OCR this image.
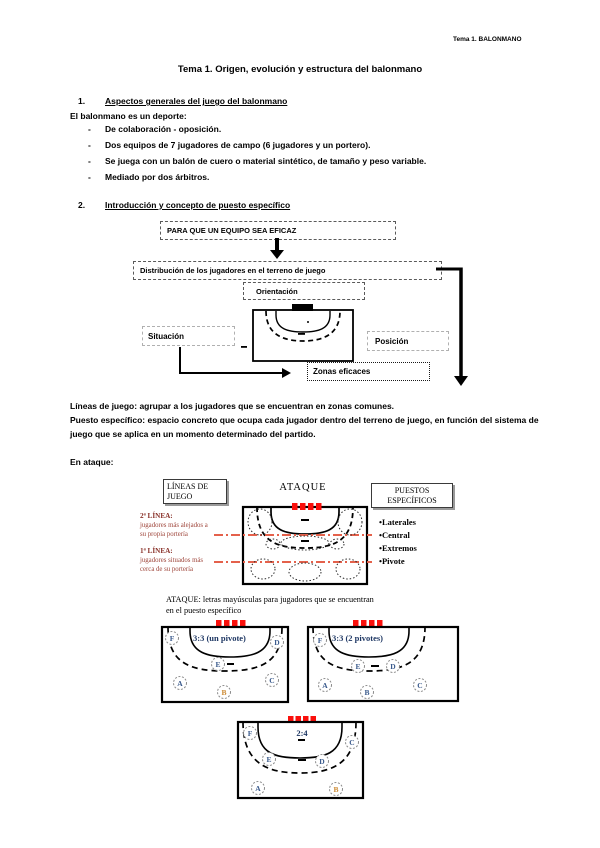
Tema 1. BALONMANO
Tema 1. Origen, evolución y estructura del balonmano
1. Aspectos generales del juego del balonmano
El balonmano es un deporte:
-	De colaboración - oposición.
-	Dos equipos de 7 jugadores de campo (6 jugadores y un portero).
-	Se juega con un balón de cuero o material sintético, de tamaño y peso variable.
-	Mediado por dos árbitros.
2. Introducción y concepto de puesto específico
PARA QUE UN EQUIPO SEA EFICAZ
Distribución de los jugadores en el terreno de juego
Orientación
Situación
Posición
Zonas eficaces
Líneas de juego: agrupar a los jugadores que se encuentran en zonas comunes.
Puesto específico: espacio concreto que ocupa cada jugador dentro del terreno de juego, en función del sistema de juego que se aplica en un momento determinado del partido.
En ataque:
LÍNEAS DE JUEGO
ATAQUE	PUESTOS ESPECÍFICOS
2ª LÍNEA:
jugadores más alejados a
su propia portería
1ª LÍNEA:
jugadores situados más
cerca de su portería
•Laterales
•Central
•Extremos
•Pivote
ATAQUE: letras mayúsculas para jugadores que se encuentran
en el puesto específico
3:3 (un pivote)
F	D
E
A	C
B
3:3 (2 pivotes)
F
E	D
A	C
B
2:4
F
C
E	D
A	B
